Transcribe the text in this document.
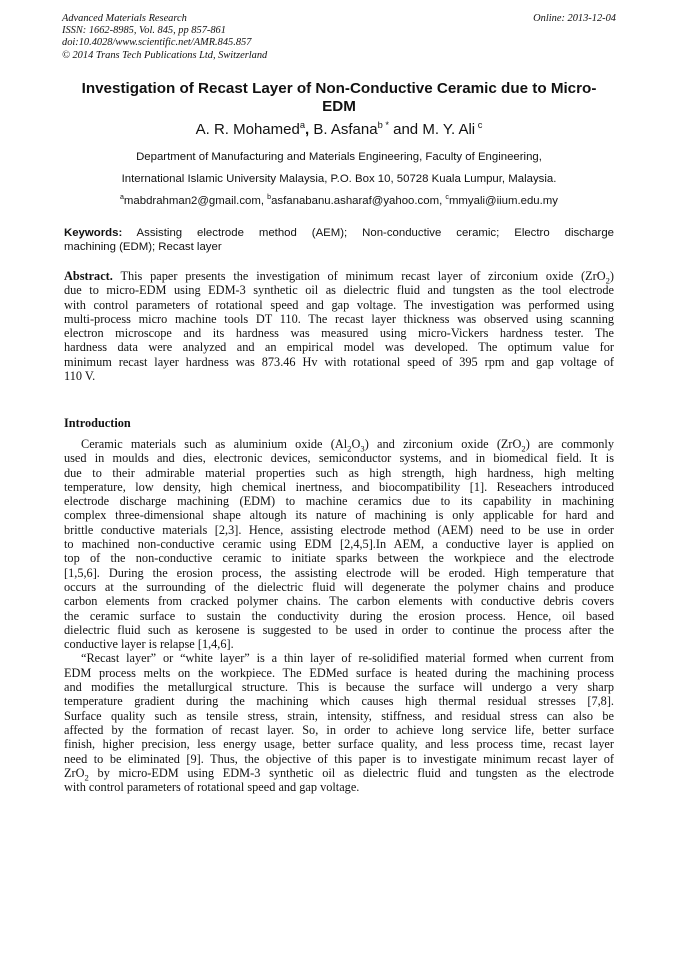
Advanced Materials Research
ISSN: 1662-8985, Vol. 845, pp 857-861
doi:10.4028/www.scientific.net/AMR.845.857
© 2014 Trans Tech Publications Ltd, Switzerland
Online: 2013-12-04
Investigation of Recast Layer of Non-Conductive Ceramic due to Micro-
EDM
A. R. Mohamed$^a$, B. Asfana$^{b *}$ and M. Y. Ali $^c$
Department of Manufacturing and Materials Engineering, Faculty of Engineering,
International Islamic University Malaysia, P.O. Box 10, 50728 Kuala Lumpur, Malaysia.
$^a$mabdrahman2@gmail.com, $^b$asfanabanu.asharaf@yahoo.com, $^c$mmyali@iium.edu.my
Keywords: Assisting electrode method (AEM); Non-conductive ceramic; Electro discharge
machining (EDM); Recast layer
Abstract. This paper presents the investigation of minimum recast layer of zirconium oxide (ZrO$_2$)
due to micro-EDM using EDM-3 synthetic oil as dielectric fluid and tungsten as the tool electrode
with control parameters of rotational speed and gap voltage. The investigation was performed using
multi-process micro machine tools DT 110. The recast layer thickness was observed using scanning
electron microscope and its hardness was measured using micro-Vickers hardness tester. The
hardness data were analyzed and an empirical model was developed. The optimum value for
minimum recast layer hardness was 873.46 Hv with rotational speed of 395 rpm and gap voltage of
110 V.
Introduction
Ceramic materials such as aluminium oxide $(Al_2O_3)$ and zirconium oxide (ZrO$_2$) are commonly
used in moulds and dies, electronic devices, semiconductor systems, and in biomedical field. It is
due to their admirable material properties such as high strength, high hardness, high melting
temperature, low density, high chemical inertness, and biocompatibility [1]. Reseachers introduced
electrode discharge machining (EDM) to machine ceramics due to its capability in machining
complex three-dimensional shape altough its nature of machining is only applicable for hard and
brittle conductive materials [2,3]. Hence, assisting electrode method (AEM) need to be use in order
to machined non-conductive ceramic using EDM [2,4,5].In AEM, a conductive layer is applied on
top of the non-conductive ceramic to initiate sparks between the workpiece and the electrode
[1,5,6]. During the erosion process, the assisting electrode will be eroded. High temperature that
occurs at the surrounding of the dielectric fluid will degenerate the polymer chains and produce
carbon elements from cracked polymer chains. The carbon elements with conductive debris covers
the ceramic surface to sustain the conductivity during the erosion process. Hence, oil based
dielectric fluid such as kerosene is suggested to be used in order to continue the process after the
conductive layer is relapse [1,4,6].
“Recast layer” or “white layer” is a thin layer of re-solidified material formed when current from
EDM process melts on the workpiece. The EDMed surface is heated during the machining process
and modifies the metallurgical structure. This is because the surface will undergo a very sharp
temperature gradient during the machining which causes high thermal residual stresses [7,8].
Surface quality such as tensile stress, strain, intensity, stiffness, and residual stress can also be
affected by the formation of recast layer. So, in order to achieve long service life, better surface
finish, higher precision, less energy usage, better surface quality, and less process time, recast layer
need to be eliminated [9]. Thus, the objective of this paper is to investigate minimum recast layer of
ZrO$_2$ by micro-EDM using EDM-3 synthetic oil as dielectric fluid and tungsten as the electrode
with control parameters of rotational speed and gap voltage.
